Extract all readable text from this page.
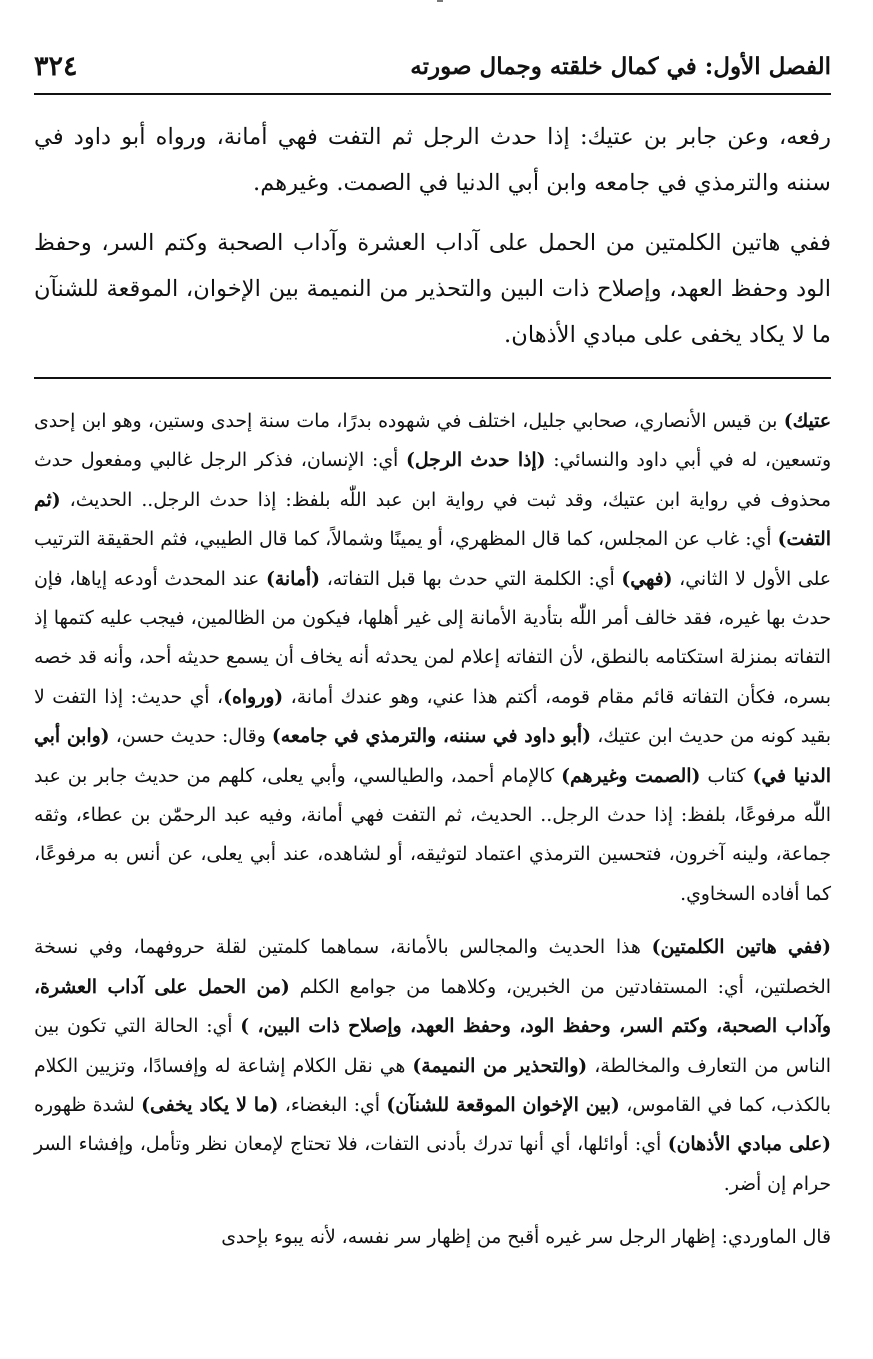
الفصل الأول: في كمال خلقته وجمال صورته
٣٢٤

رفعه، وعن جابر بن عتيك: إذا حدث الرجل ثم التفت فهي أمانة، ورواه أبو داود في سننه والترمذي في جامعه وابن أبي الدنيا في الصمت. وغيرهم.

ففي هاتين الكلمتين من الحمل على آداب العشرة وآداب الصحبة وكتم السر، وحفظ الود وحفظ العهد، وإصلاح ذات البين والتحذير من النميمة بين الإخوان، الموقعة للشنآن ما لا يكاد يخفى على مبادي الأذهان.

عتيك) بن قيس الأنصاري، صحابي جليل، اختلف في شهوده بدرًا، مات سنة إحدى وستين، وهو ابن إحدى وتسعين، له في أبي داود والنسائي: (إذا حدث الرجل) أي: الإنسان، فذكر الرجل غالبي ومفعول حدث محذوف في رواية ابن عتيك، وقد ثبت في رواية ابن عبد اللّٰه بلفظ: إذا حدث الرجل.. الحديث، (ثم التفت) أي: غاب عن المجلس، كما قال المظهري، أو يمينًا وشمالاً، كما قال الطيبي، فثم الحقيقة الترتيب على الأول لا الثاني، (فهي) أي: الكلمة التي حدث بها قبل التفاته، (أمانة) عند المحدث أودعه إياها، فإن حدث بها غيره، فقد خالف أمر اللّٰه بتأدية الأمانة إلى غير أهلها، فيكون من الظالمين، فيجب عليه كتمها إذ التفاته بمنزلة استكتامه بالنطق، لأن التفاته إعلام لمن يحدثه أنه يخاف أن يسمع حديثه أحد، وأنه قد خصه بسره، فكأن التفاته قائم مقام قومه، أكتم هذا عني، وهو عندك أمانة، (ورواه)، أي حديث: إذا التفت لا بقيد كونه من حديث ابن عتيك، (أبو داود في سننه، والترمذي في جامعه) وقال: حديث حسن، (وابن أبي الدنيا في) كتاب (الصمت وغيرهم) كالإمام أحمد، والطيالسي، وأبي يعلى، كلهم من حديث جابر بن عبد اللّٰه مرفوعًا، بلفظ: إذا حدث الرجل.. الحديث، ثم التفت فهي أمانة، وفيه عبد الرحمّٰن بن عطاء، وثقه جماعة، ولينه آخرون، فتحسين الترمذي اعتماد لتوثيقه، أو لشاهده، عند أبي يعلى، عن أنس به مرفوعًا، كما أفاده السخاوي.

(ففي هاتين الكلمتين) هذا الحديث والمجالس بالأمانة، سماهما كلمتين لقلة حروفهما، وفي نسخة الخصلتين، أي: المستفادتين من الخبرين، وكلاهما من جوامع الكلم (من الحمل على آداب العشرة، وآداب الصحبة، وكتم السر، وحفظ الود، وحفظ العهد، وإصلاح ذات البين، ) أي: الحالة التي تكون بين الناس من التعارف والمخالطة، (والتحذير من النميمة) هي نقل الكلام إشاعة له وإفسادًا، وتزيين الكلام بالكذب، كما في القاموس، (بين الإخوان الموقعة للشنآن) أي: البغضاء، (ما لا يكاد يخفى) لشدة ظهوره (على مبادي الأذهان) أي: أوائلها، أي أنها تدرك بأدنى التفات، فلا تحتاج لإمعان نظر وتأمل، وإفشاء السر حرام إن أضر.

قال الماوردي: إظهار الرجل سر غيره أقبح من إظهار سر نفسه، لأنه يبوء بإحدى
